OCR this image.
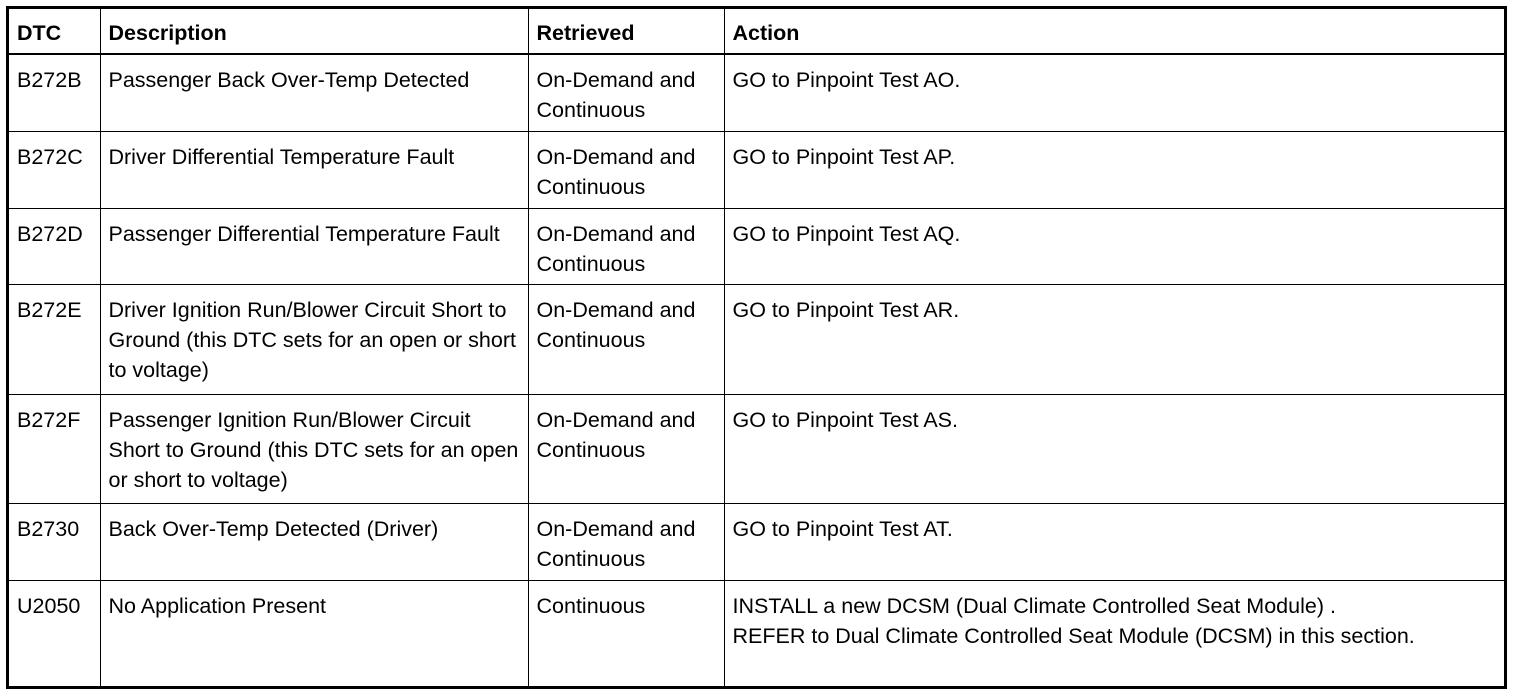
DTC	Description	Retrieved	Action
B272B	Passenger Back Over-Temp Detected	On-Demand and Continuous	GO to Pinpoint Test AO.
B272C	Driver Differential Temperature Fault	On-Demand and Continuous	GO to Pinpoint Test AP.
B272D	Passenger Differential Temperature Fault	On-Demand and Continuous	GO to Pinpoint Test AQ.
B272E	Driver Ignition Run/Blower Circuit Short to Ground (this DTC sets for an open or short to voltage)	On-Demand and Continuous	GO to Pinpoint Test AR.
B272F	Passenger Ignition Run/Blower Circuit Short to Ground (this DTC sets for an open or short to voltage)	On-Demand and Continuous	GO to Pinpoint Test AS.
B2730	Back Over-Temp Detected (Driver)	On-Demand and Continuous	GO to Pinpoint Test AT.
U2050	No Application Present	Continuous	INSTALL a new DCSM (Dual Climate Controlled Seat Module) .
REFER to Dual Climate Controlled Seat Module (DCSM) in this section.
